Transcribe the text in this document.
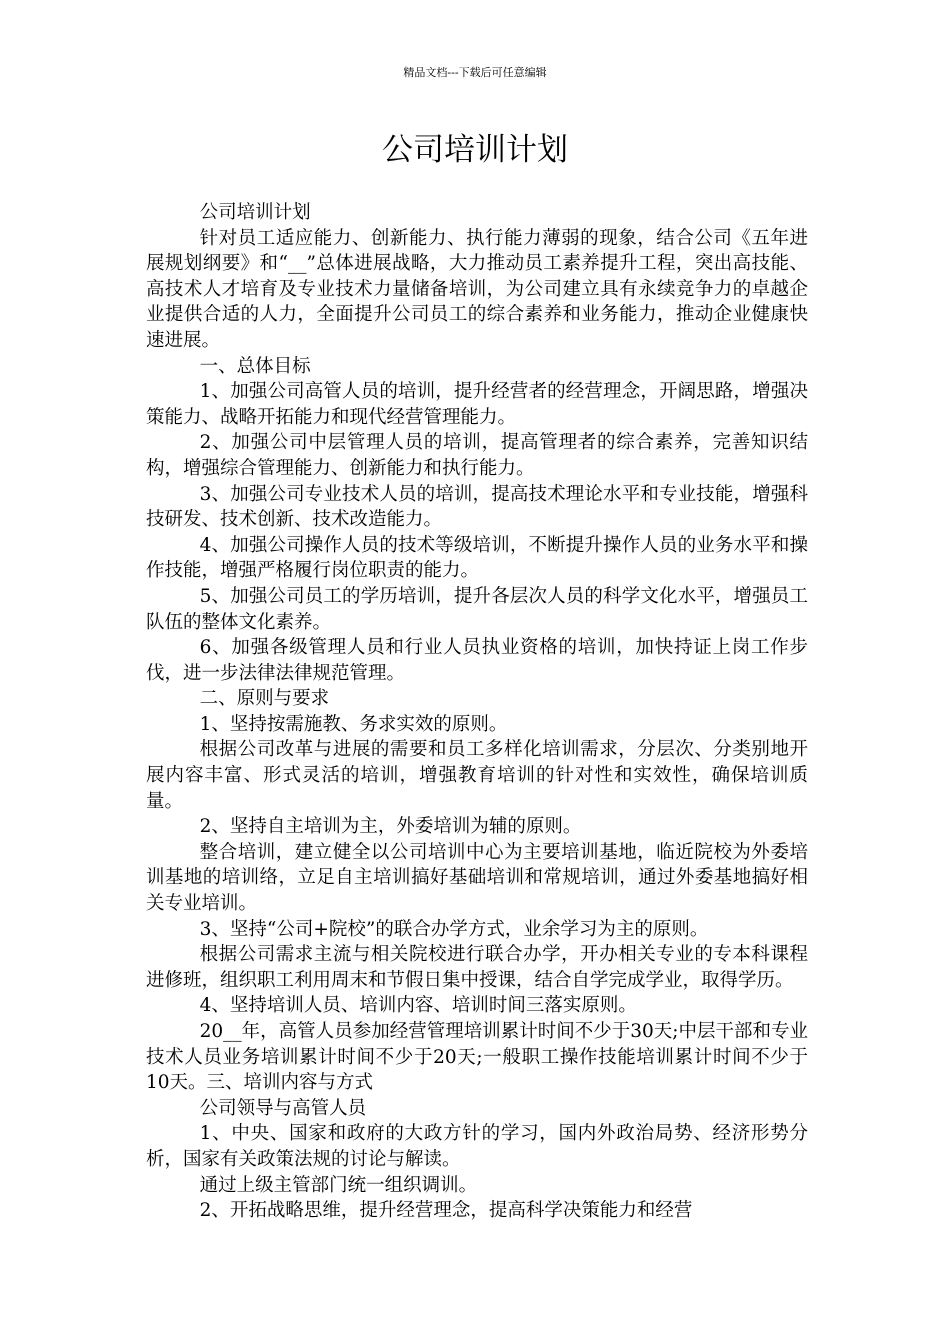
精品文档---下载后可任意编辑
公司培训计划

公司培训计划

针对员工适应能力、创新能力、执行能力薄弱的现象，结合公司《五年进展规划纲要》和“__”总体进展战略，大力推动员工素养提升工程，突出高技能、高技术人才培育及专业技术力量储备培训，为公司建立具有永续竞争力的卓越企业提供合适的人力，全面提升公司员工的综合素养和业务能力，推动企业健康快速进展。

一、总体目标

1、加强公司高管人员的培训，提升经营者的经营理念，开阔思路，增强决策能力、战略开拓能力和现代经营管理能力。

2、加强公司中层管理人员的培训，提高管理者的综合素养，完善知识结构，增强综合管理能力、创新能力和执行能力。

3、加强公司专业技术人员的培训，提高技术理论水平和专业技能，增强科技研发、技术创新、技术改造能力。

4、加强公司操作人员的技术等级培训，不断提升操作人员的业务水平和操作技能，增强严格履行岗位职责的能力。

5、加强公司员工的学历培训，提升各层次人员的科学文化水平，增强员工队伍的整体文化素养。

6、加强各级管理人员和行业人员执业资格的培训，加快持证上岗工作步伐，进一步法律法律规范管理。

二、原则与要求

1、坚持按需施教、务求实效的原则。

根据公司改革与进展的需要和员工多样化培训需求，分层次、分类别地开展内容丰富、形式灵活的培训，增强教育培训的针对性和实效性，确保培训质量。

2、坚持自主培训为主，外委培训为辅的原则。

整合培训，建立健全以公司培训中心为主要培训基地，临近院校为外委培训基地的培训络，立足自主培训搞好基础培训和常规培训，通过外委基地搞好相关专业培训。

3、坚持“公司+院校”的联合办学方式，业余学习为主的原则。

根据公司需求主流与相关院校进行联合办学，开办相关专业的专本科课程进修班，组织职工利用周末和节假日集中授课，结合自学完成学业，取得学历。

4、坚持培训人员、培训内容、培训时间三落实原则。

20__年，高管人员参加经营管理培训累计时间不少于30天;中层干部和专业技术人员业务培训累计时间不少于20天;一般职工操作技能培训累计时间不少于10天。三、培训内容与方式

公司领导与高管人员

1、中央、国家和政府的大政方针的学习，国内外政治局势、经济形势分析，国家有关政策法规的讨论与解读。

通过上级主管部门统一组织调训。

2、开拓战略思维，提升经营理念，提高科学决策能力和经营
